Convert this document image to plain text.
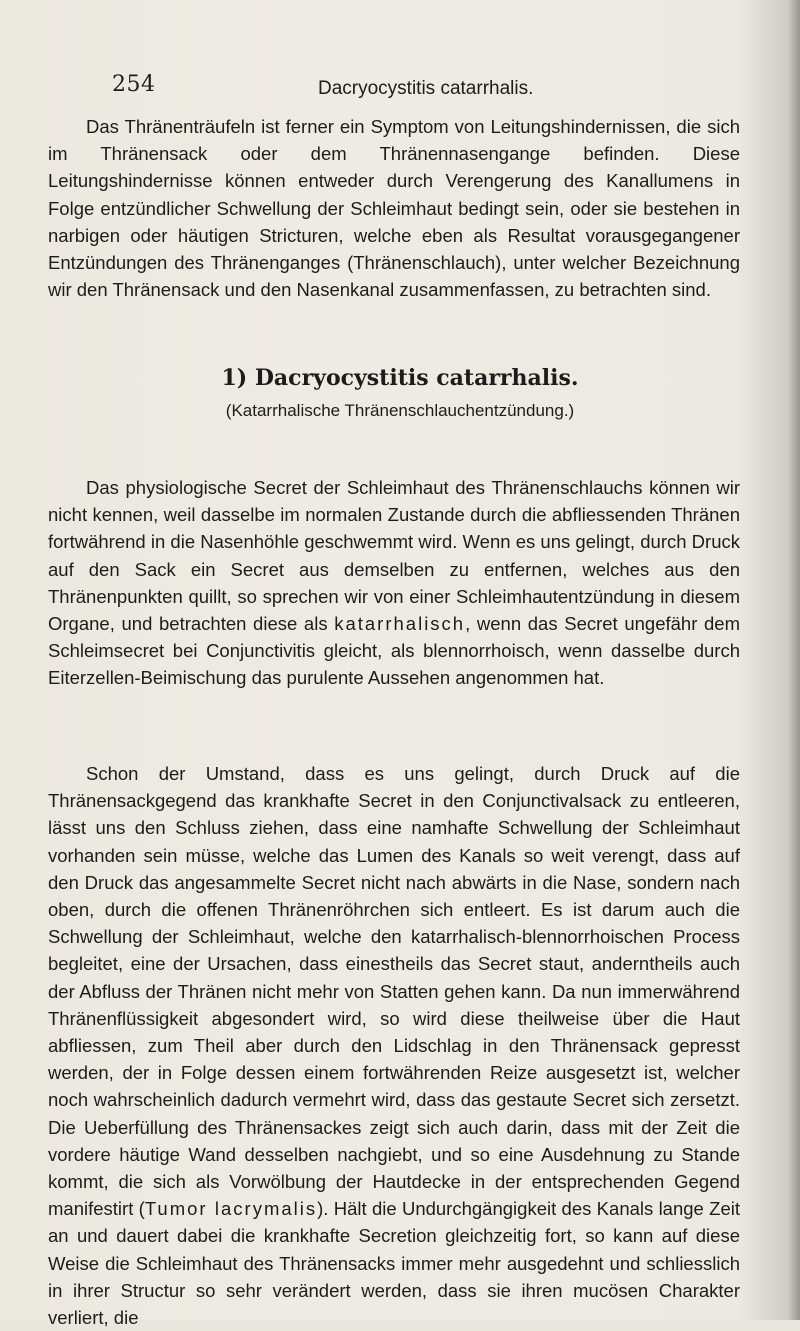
254	Dacryocystitis catarrhalis.

Das Thränenträufeln ist ferner ein Symptom von Leitungshindernissen, die sich im Thränensack oder dem Thränennasengange befinden. Diese Leitungshindernisse können entweder durch Verengerung des Kanallumens in Folge entzündlicher Schwellung der Schleimhaut bedingt sein, oder sie bestehen in narbigen oder häutigen Stricturen, welche eben als Resultat vorausgegangener Entzündungen des Thränenganges (Thränenschlauch), unter welcher Bezeichnung wir den Thränensack und den Nasenkanal zusammenfassen, zu betrachten sind.

1) Dacryocystitis catarrhalis.
(Katarrhalische Thränenschlauchentzündung.)

Das physiologische Secret der Schleimhaut des Thränenschlauchs können wir nicht kennen, weil dasselbe im normalen Zustande durch die abfliessenden Thränen fortwährend in die Nasenhöhle geschwemmt wird. Wenn es uns gelingt, durch Druck auf den Sack ein Secret aus demselben zu entfernen, welches aus den Thränenpunkten quillt, so sprechen wir von einer Schleimhautentzündung in diesem Organe, und betrachten diese als katarrhalisch, wenn das Secret ungefähr dem Schleimsecret bei Conjunctivitis gleicht, als blennorrhoisch, wenn dasselbe durch Eiterzellen-Beimischung das purulente Aussehen angenommen hat.

Schon der Umstand, dass es uns gelingt, durch Druck auf die Thränensackgegend das krankhafte Secret in den Conjunctivalsack zu entleeren, lässt uns den Schluss ziehen, dass eine namhafte Schwellung der Schleimhaut vorhanden sein müsse, welche das Lumen des Kanals so weit verengt, dass auf den Druck das angesammelte Secret nicht nach abwärts in die Nase, sondern nach oben, durch die offenen Thränenröhrchen sich entleert. Es ist darum auch die Schwellung der Schleimhaut, welche den katarrhalisch-blennorrhoischen Process begleitet, eine der Ursachen, dass einestheils das Secret staut, anderntheils auch der Abfluss der Thränen nicht mehr von Statten gehen kann. Da nun immerwährend Thränenflüssigkeit abgesondert wird, so wird diese theilweise über die Haut abfliessen, zum Theil aber durch den Lidschlag in den Thränensack gepresst werden, der in Folge dessen einem fortwährenden Reize ausgesetzt ist, welcher noch wahrscheinlich dadurch vermehrt wird, dass das gestaute Secret sich zersetzt. Die Ueberfüllung des Thränensackes zeigt sich auch darin, dass mit der Zeit die vordere häutige Wand desselben nachgiebt, und so eine Ausdehnung zu Stande kommt, die sich als Vorwölbung der Hautdecke in der entsprechenden Gegend manifestirt (Tumor lacrymalis). Hält die Undurchgängigkeit des Kanals lange Zeit an und dauert dabei die krankhafte Secretion gleichzeitig fort, so kann auf diese Weise die Schleimhaut des Thränensacks immer mehr ausgedehnt und schliesslich in ihrer Structur so sehr verändert werden, dass sie ihren mucösen Charakter verliert, die
